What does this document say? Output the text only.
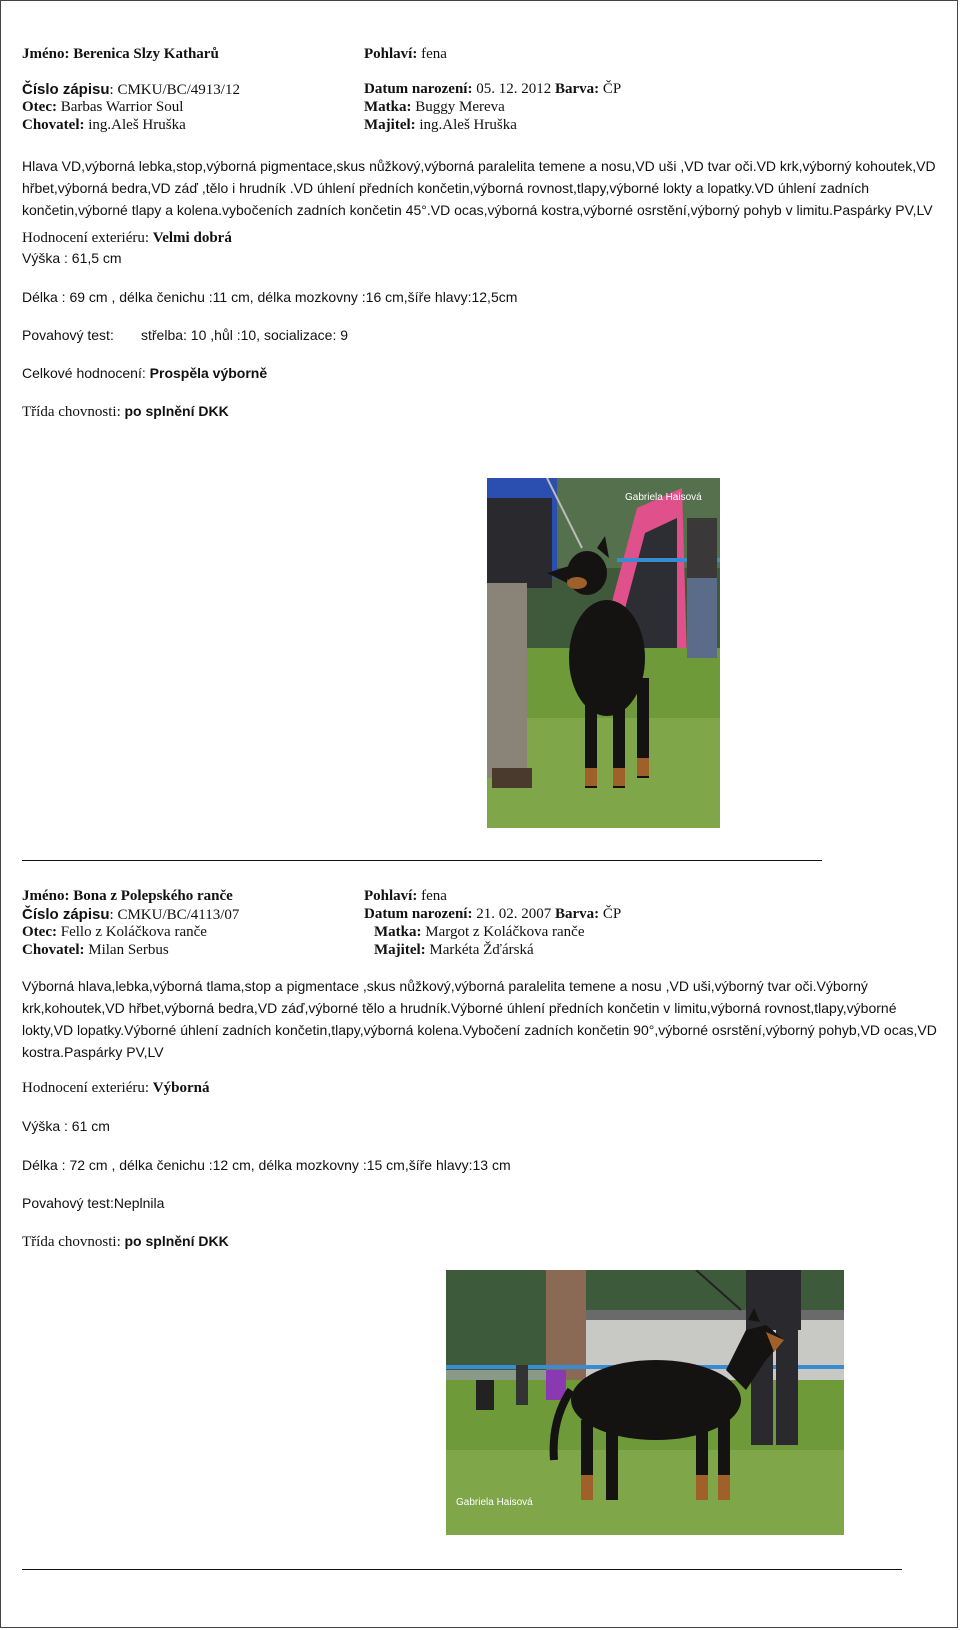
Jméno: Berenica Slzy Katharů	Pohlaví: fena
Číslo zápisu: CMKU/BC/4913/12	Datum narození: 05. 12. 2012 Barva: ČP
Otec: Barbas Warrior Soul	Matka: Buggy Mereva
Chovatel: ing.Aleš Hruška	Majitel: ing.Aleš Hruška
Hlava VD,výborná lebka,stop,výborná pigmentace,skus nůžkový,výborná paralelita temene a nosu,VD uši ,VD tvar oči.VD krk,výborný kohoutek,VD hřbet,výborná bedra,VD záď ,tělo i hrudník .VD úhlení předních končetin,výborná rovnost,tlapy,výborné lokty a lopatky.VD úhlení zadních končetin,výborné tlapy a kolena.vybočeních zadních končetin 45°.VD ocas,výborná kostra,výborné osrstění,výborný pohyb v limitu.Paspárky PV,LV
Hodnocení exteriéru: Velmi dobrá
Výška : 61,5 cm
Délka : 69 cm , délka čenichu :11 cm, délka mozkovny :16 cm,šíře hlavy:12,5cm
Povahový test: střelba: 10 ,hůl :10, socializace: 9
Celkové hodnocení: Prospěla výborně
Třída chovnosti: po splnění DKK
Gabriela Haisová
Jméno: Bona z Polepského ranče	Pohlaví: fena
Číslo zápisu: CMKU/BC/4113/07	Datum narození: 21. 02. 2007 Barva: ČP
Otec: Fello z Koláčkova ranče	Matka: Margot z Koláčkova ranče
Chovatel: Milan Serbus	Majitel: Markéta Žďárská
Výborná hlava,lebka,výborná tlama,stop a pigmentace ,skus nůžkový,výborná paralelita temene a nosu ,VD uši,výborný tvar oči.Výborný krk,kohoutek,VD hřbet,výborná bedra,VD záď,výborné tělo a hrudník.Výborné úhlení předních končetin v limitu,výborná rovnost,tlapy,výborné lokty,VD lopatky.Výborné úhlení zadních končetin,tlapy,výborná kolena.Vybočení zadních končetin 90°,výborné osrstění,výborný pohyb,VD ocas,VD kostra.Paspárky PV,LV
Hodnocení exteriéru: Výborná
Výška : 61 cm
Délka : 72 cm , délka čenichu :12 cm, délka mozkovny :15 cm,šíře hlavy:13 cm
Povahový test:Neplnila
Třída chovnosti: po splnění DKK
Gabriela Haisová
